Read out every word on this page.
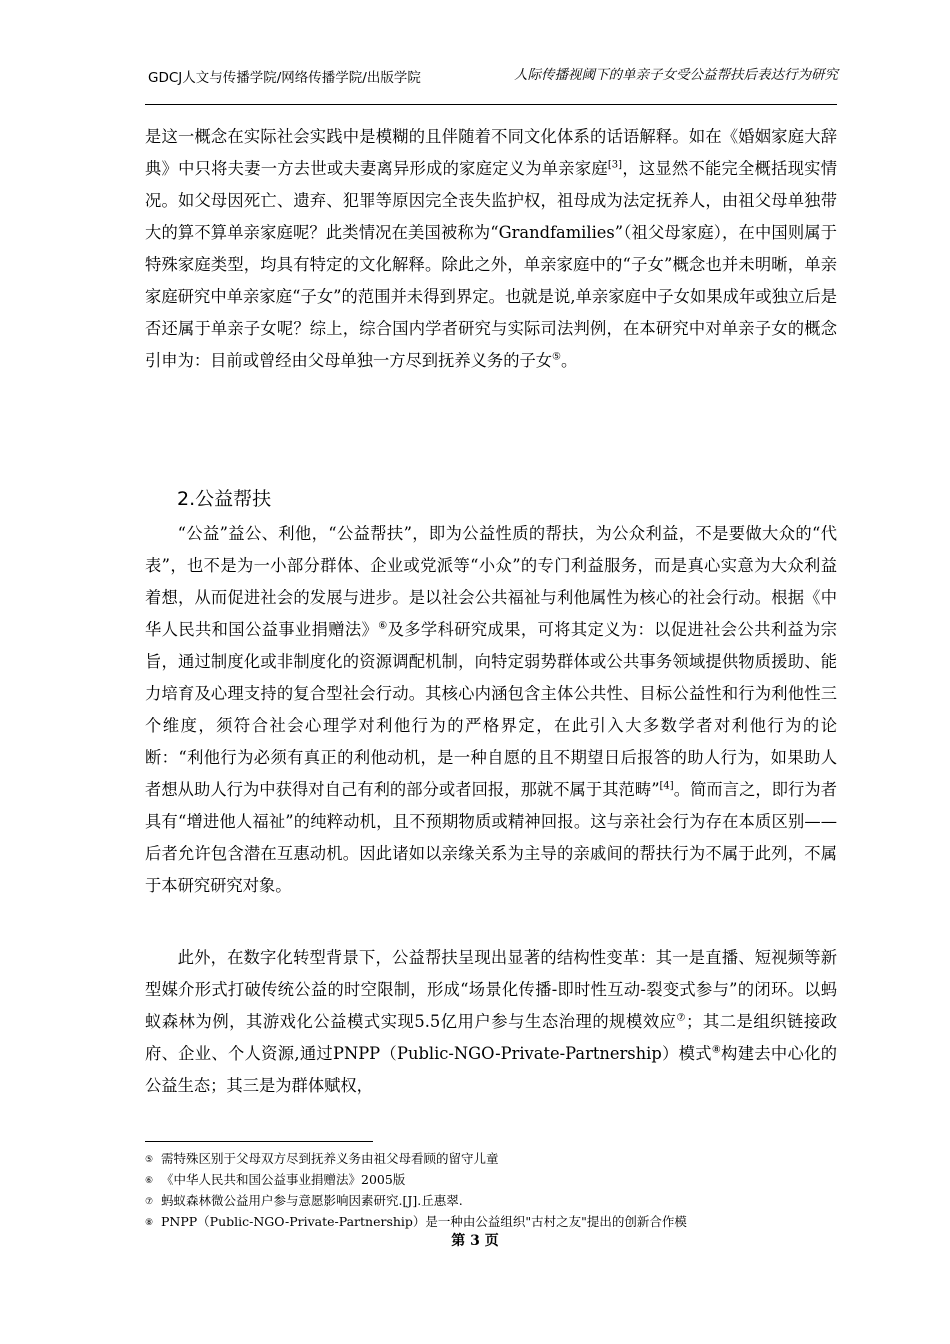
GDCJ人文与传播学院/网络传播学院/出版学院	人际传播视阈下的单亲子女受公益帮扶后表达行为研究
是这一概念在实际社会实践中是模糊的且伴随着不同文化体系的话语解释。如在《婚姻家庭大辞典》中只将夫妻一方去世或夫妻离异形成的家庭定义为单亲家庭[3]，这显然不能完全概括现实情况。如父母因死亡、遗弃、犯罪等原因完全丧失监护权，祖母成为法定抚养人，由祖父母单独带大的算不算单亲家庭呢？此类情况在美国被称为“Grandfamilies”（祖父母家庭），在中国则属于特殊家庭类型，均具有特定的文化解释。除此之外，单亲家庭中的“子女”概念也并未明晰，单亲家庭研究中单亲家庭“子女”的范围并未得到界定。也就是说,单亲家庭中子女如果成年或独立后是否还属于单亲子女呢？综上，综合国内学者研究与实际司法判例，在本研究中对单亲子女的概念引申为：目前或曾经由父母单独一方尽到抚养义务的子女⑤。
2.公益帮扶
“公益”益公、利他，“公益帮扶”，即为公益性质的帮扶，为公众利益，不是要做大众的“代表”，也不是为一小部分群体、企业或党派等“小众”的专门利益服务，而是真心实意为大众利益着想，从而促进社会的发展与进步。是以社会公共福祉与利他属性为核心的社会行动。根据《中华人民共和国公益事业捐赠法》⑥及多学科研究成果，可将其定义为：以促进社会公共利益为宗旨，通过制度化或非制度化的资源调配机制，向特定弱势群体或公共事务领域提供物质援助、能力培育及心理支持的复合型社会行动。其核心内涵包含主体公共性、目标公益性和行为利他性三个维度，须符合社会心理学对利他行为的严格界定，在此引入大多数学者对利他行为的论断：“利他行为必须有真正的利他动机，是一种自愿的且不期望日后报答的助人行为，如果助人者想从助人行为中获得对自己有利的部分或者回报，那就不属于其范畴”[4]。简而言之，即行为者具有“增进他人福祉”的纯粹动机，且不预期物质或精神回报。这与亲社会行为存在本质区别——后者允许包含潜在互惠动机。因此诸如以亲缘关系为主导的亲戚间的帮扶行为不属于此列，不属于本研究研究对象。
此外，在数字化转型背景下，公益帮扶呈现出显著的结构性变革：其一是直播、短视频等新型媒介形式打破传统公益的时空限制，形成“场景化传播-即时性互动-裂变式参与”的闭环。以蚂蚁森林为例，其游戏化公益模式实现5.5亿用户参与生态治理的规模效应⑦；其二是组织链接政府、企业、个人资源,通过PNPP（Public-NGO-Private-Partnership）模式⑧构建去中心化的公益生态；其三是为群体赋权，
⑤ 需特殊区别于父母双方尽到抚养义务由祖父母看顾的留守儿童
⑥ 《中华人民共和国公益事业捐赠法》2005版
⑦ 蚂蚁森林微公益用户参与意愿影响因素研究.[J].丘惠翠.
⑧ PNPP（Public-NGO-Private-Partnership）是一种由公益组织"古村之友"提出的创新合作模
第 3 页
